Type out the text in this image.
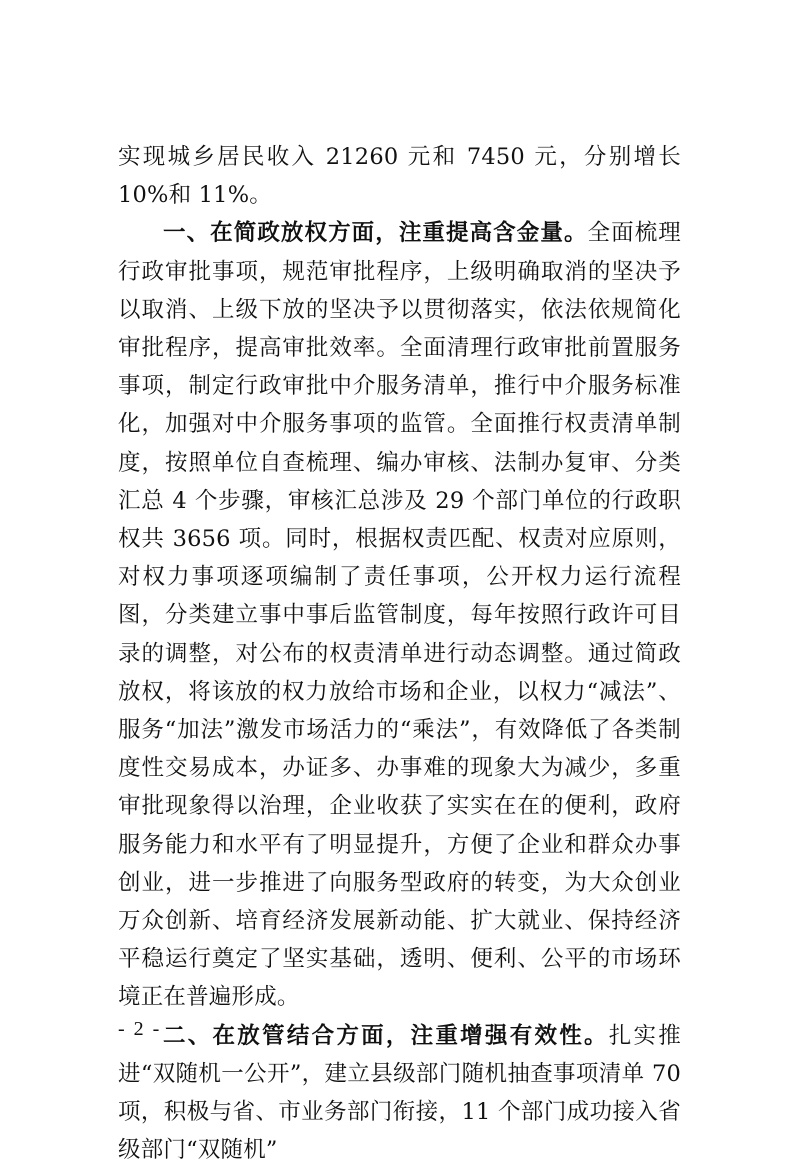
实现城乡居民收入 21260 元和 7450 元，分别增长 10%和 11%。

一、在简政放权方面，注重提高含金量。全面梳理行政审批事项，规范审批程序，上级明确取消的坚决予以取消、上级下放的坚决予以贯彻落实，依法依规简化审批程序，提高审批效率。全面清理行政审批前置服务事项，制定行政审批中介服务清单，推行中介服务标准化，加强对中介服务事项的监管。全面推行权责清单制度，按照单位自查梳理、编办审核、法制办复审、分类汇总 4 个步骤，审核汇总涉及 29 个部门单位的行政职权共 3656 项。同时，根据权责匹配、权责对应原则，对权力事项逐项编制了责任事项，公开权力运行流程图，分类建立事中事后监管制度，每年按照行政许可目录的调整，对公布的权责清单进行动态调整。通过简政放权，将该放的权力放给市场和企业，以权力“减法”、服务“加法”激发市场活力的“乘法”，有效降低了各类制度性交易成本，办证多、办事难的现象大为减少，多重审批现象得以治理，企业收获了实实在在的便利，政府服务能力和水平有了明显提升，方便了企业和群众办事创业，进一步推进了向服务型政府的转变，为大众创业万众创新、培育经济发展新动能、扩大就业、保持经济平稳运行奠定了坚实基础，透明、便利、公平的市场环境正在普遍形成。

二、在放管结合方面，注重增强有效性。扎实推进“双随机一公开”，建立县级部门随机抽查事项清单 70 项，积极与省、市业务部门衔接，11 个部门成功接入省级部门“双随机”

- 2 -
